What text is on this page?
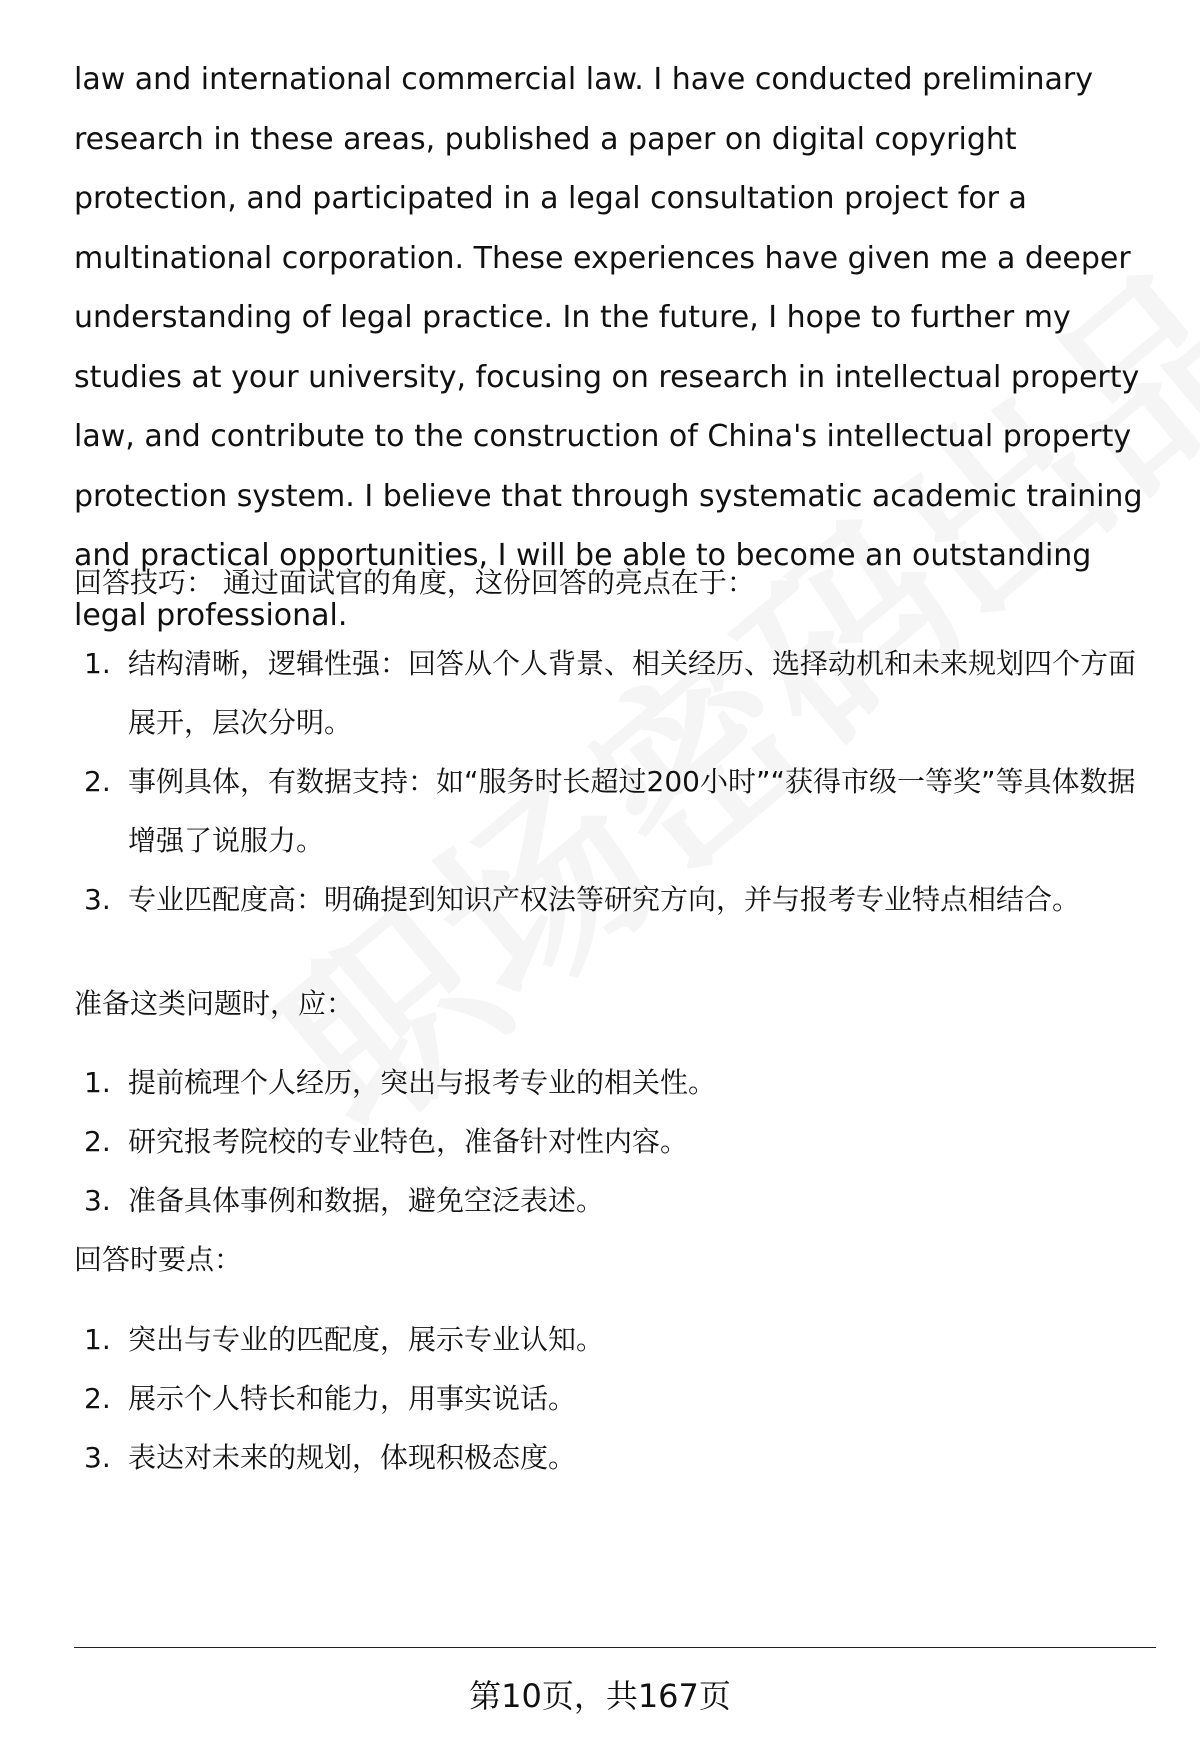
law and international commercial law. I have conducted preliminary research in these areas, published a paper on digital copyright protection, and participated in a legal consultation project for a multinational corporation. These experiences have given me a deeper understanding of legal practice. In the future, I hope to further my studies at your university, focusing on research in intellectual property law, and contribute to the construction of China's intellectual property protection system. I believe that through systematic academic training and practical opportunities, I will be able to become an outstanding legal professional.

回答技巧： 通过面试官的角度，这份回答的亮点在于：

1. 结构清晰，逻辑性强：回答从个人背景、相关经历、选择动机和未来规划四个方面展开，层次分明。
2. 事例具体，有数据支持：如“服务时长超过200小时”“获得市级一等奖”等具体数据增强了说服力。
3. 专业匹配度高：明确提到知识产权法等研究方向，并与报考专业特点相结合。

准备这类问题时，应：

1. 提前梳理个人经历，突出与报考专业的相关性。
2. 研究报考院校的专业特色，准备针对性内容。
3. 准备具体事例和数据，避免空泛表述。

回答时要点：

1. 突出与专业的匹配度，展示专业认知。
2. 展示个人特长和能力，用事实说话。
3. 表达对未来的规划，体现积极态度。
第10页，共167页
